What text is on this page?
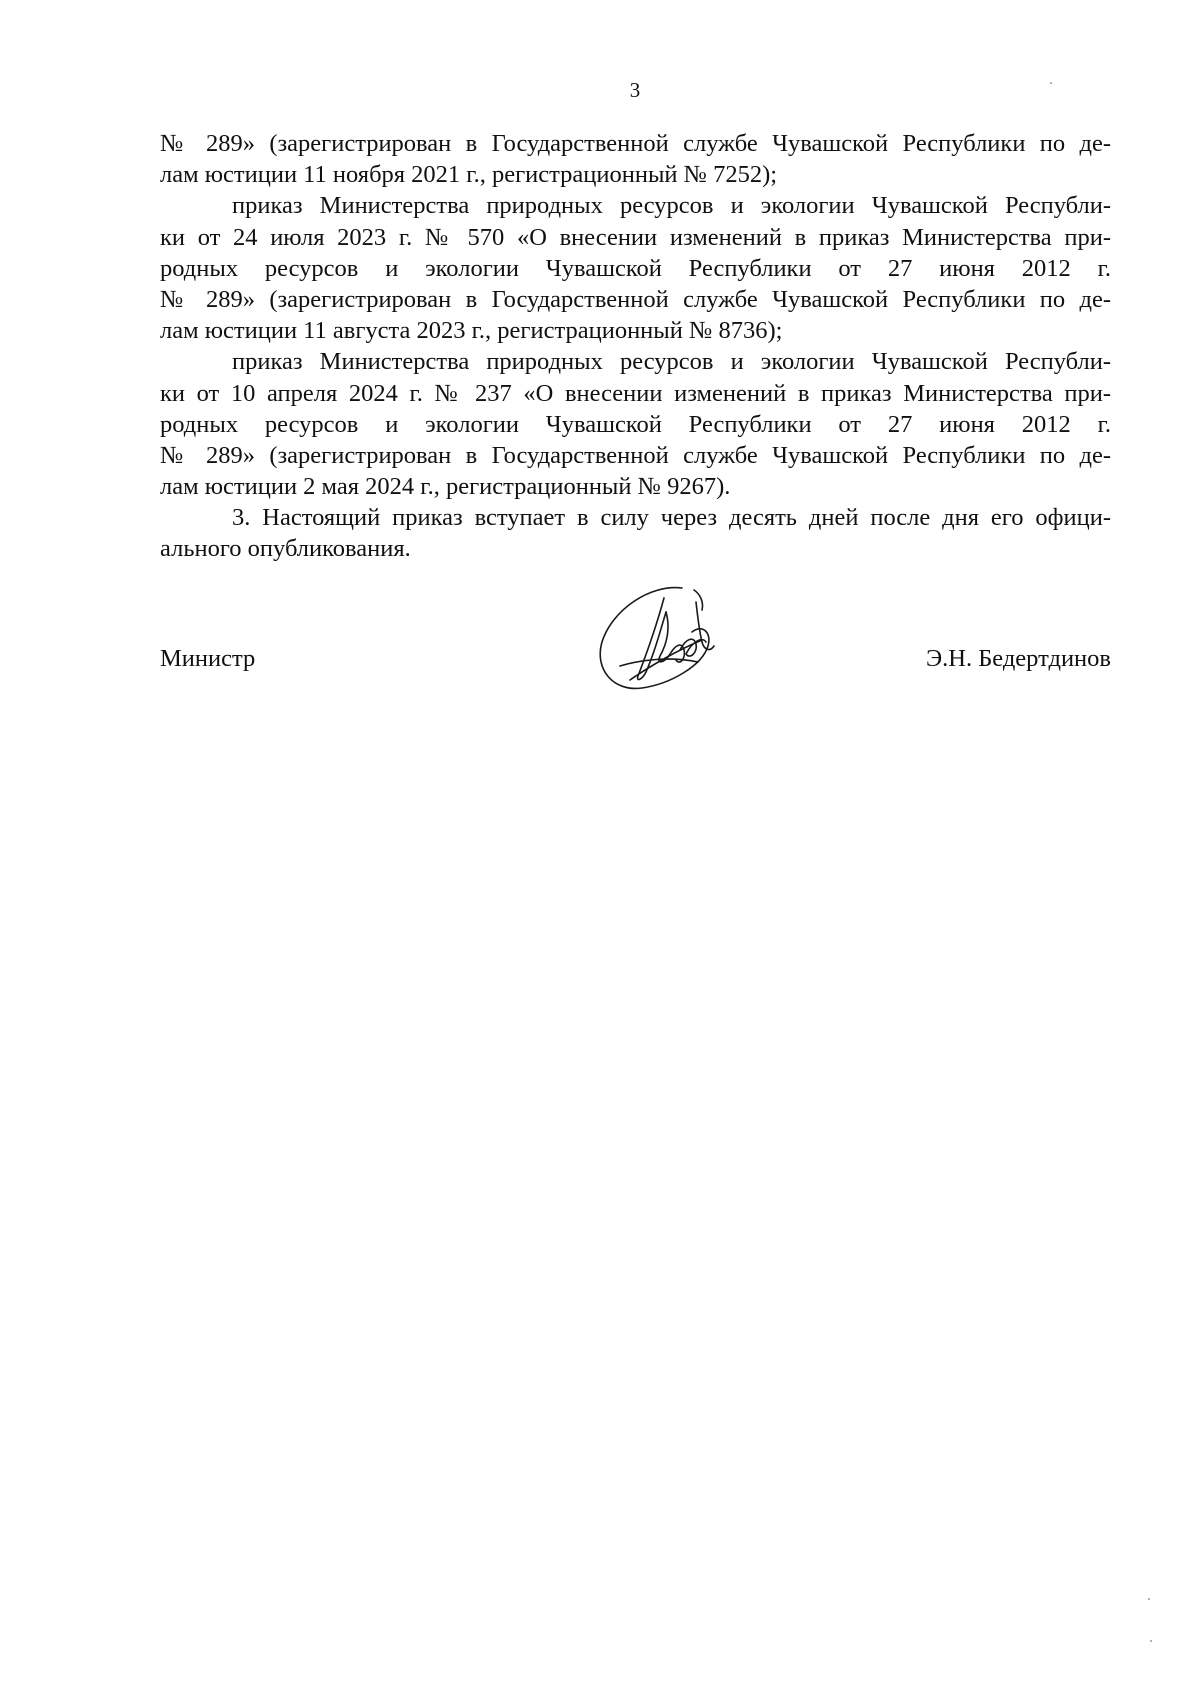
3
№ 289» (зарегистрирован в Государственной службе Чувашской Республики по де-
лам юстиции 11 ноября 2021 г., регистрационный № 7252);
приказ Министерства природных ресурсов и экологии Чувашской Республи-
ки от 24 июля 2023 г. № 570 «О внесении изменений в приказ Министерства при-
родных ресурсов и экологии Чувашской Республики от 27 июня 2012 г.
№ 289» (зарегистрирован в Государственной службе Чувашской Республики по де-
лам юстиции 11 августа 2023 г., регистрационный № 8736);
приказ Министерства природных ресурсов и экологии Чувашской Республи-
ки от 10 апреля 2024 г. № 237 «О внесении изменений в приказ Министерства при-
родных ресурсов и экологии Чувашской Республики от 27 июня 2012 г.
№ 289» (зарегистрирован в Государственной службе Чувашской Республики по де-
лам юстиции 2 мая 2024 г., регистрационный № 9267).
3. Настоящий приказ вступает в силу через десять дней после дня его офици-
ального опубликования.
Министр	Э.Н. Бедертдинов
